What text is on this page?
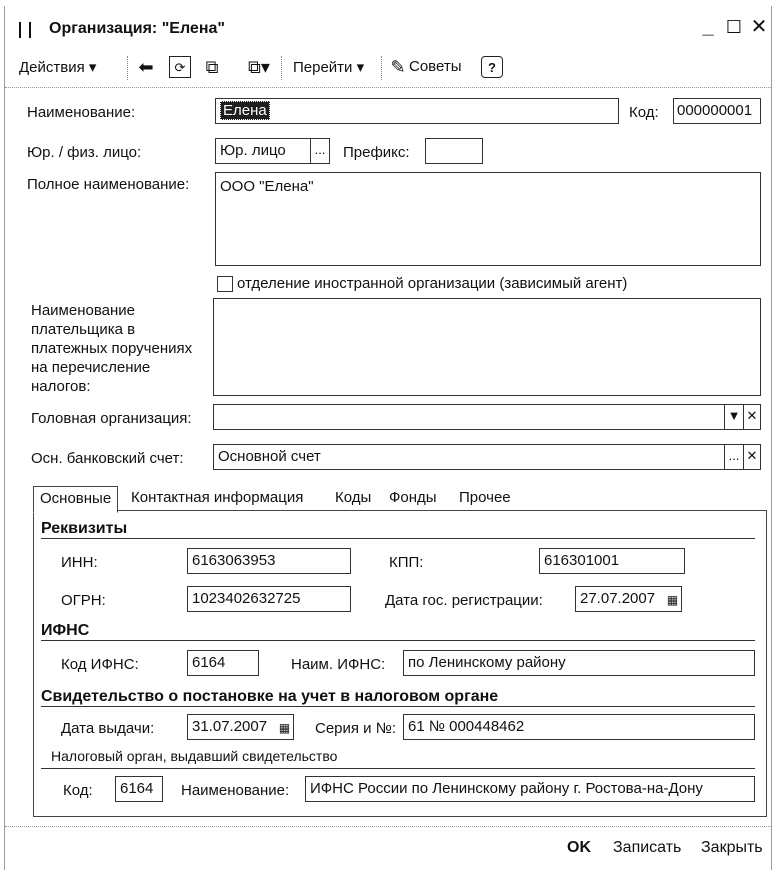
Организация: "Елена"	_ ☐ ✕
Действия ▾ ⬅	⟳	⧉ ⧉▾	Перейти ▾ ✎ Советы	?
Наименование:	Елена	Код: 000000001
Юр. / физ. лицо:	Юр. лицо	...	Префикс:
Полное наименование:	ООО "Елена"
отделение иностранной организации (зависимый агент)
Наименование
плательщика в
платежных поручениях
на перечисление
налогов:
Головная организация:	▼ ✕
Осн. банковский счет:	Основной счет	... ✕
Основные	Контактная информация	Коды	Фонды	Прочее
Реквизиты
ИНН:	6163063953	КПП:	616301001
ОГРН:	1023402632725	Дата гос. регистрации:	27.07.2007 ▦
ИФНС
Код ИФНС:	6164	Наим. ИФНС:	по Ленинскому району
Свидетельство о постановке на учет в налоговом органе
Дата выдачи:	31.07.2007 ▦ Серия и №: 61 № 000448462
Налоговый орган, выдавший свидетельство
Код:	6164	Наименование:	ИФНС России по Ленинскому району г. Ростова-на-Дону
OK Записать Закрыть
